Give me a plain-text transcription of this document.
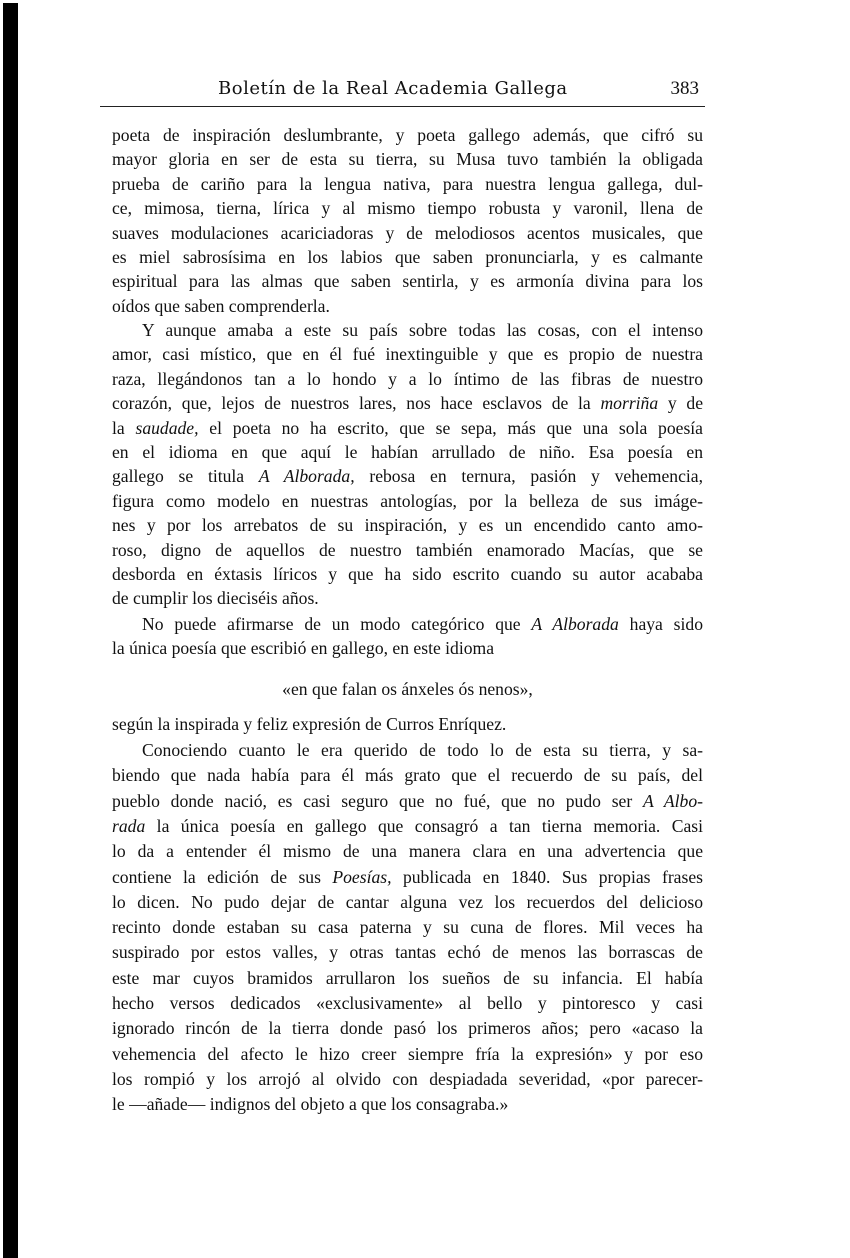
Boletín de la Real Academia Gallega	383
poeta de inspiración deslumbrante, y poeta gallego además, que cifró su
mayor gloria en ser de esta su tierra, su Musa tuvo también la obligada
prueba de cariño para la lengua nativa, para nuestra lengua gallega, dul-
ce, mimosa, tierna, lírica y al mismo tiempo robusta y varonil, llena de
suaves modulaciones acariciadoras y de melodiosos acentos musicales, que
es miel sabrosísima en los labios que saben pronunciarla, y es calmante
espiritual para las almas que saben sentirla, y es armonía divina para los
oídos que saben comprenderla.
Y aunque amaba a este su país sobre todas las cosas, con el intenso
amor, casi místico, que en él fué inextinguible y que es propio de nuestra
raza, llegándonos tan a lo hondo y a lo íntimo de las fibras de nuestro
corazón, que, lejos de nuestros lares, nos hace esclavos de la morriña y de
la saudade, el poeta no ha escrito, que se sepa, más que una sola poesía
en el idioma en que aquí le habían arrullado de niño. Esa poesía en
gallego se titula A Alborada, rebosa en ternura, pasión y vehemencia,
figura como modelo en nuestras antologías, por la belleza de sus imáge-
nes y por los arrebatos de su inspiración, y es un encendido canto amo-
roso, digno de aquellos de nuestro también enamorado Macías, que se
desborda en éxtasis líricos y que ha sido escrito cuando su autor acababa
de cumplir los dieciséis años.
No puede afirmarse de un modo categórico que A Alborada haya sido
la única poesía que escribió en gallego, en este idioma
«en que falan os ánxeles ós nenos»,
según la inspirada y feliz expresión de Curros Enríquez.
Conociendo cuanto le era querido de todo lo de esta su tierra, y sa-
biendo que nada había para él más grato que el recuerdo de su país, del
pueblo donde nació, es casi seguro que no fué, que no pudo ser A Albo-
rada la única poesía en gallego que consagró a tan tierna memoria. Casi
lo da a entender él mismo de una manera clara en una advertencia que
contiene la edición de sus Poesías, publicada en 1840. Sus propias frases
lo dicen. No pudo dejar de cantar alguna vez los recuerdos del delicioso
recinto donde estaban su casa paterna y su cuna de flores. Mil veces ha
suspirado por estos valles, y otras tantas echó de menos las borrascas de
este mar cuyos bramidos arrullaron los sueños de su infancia. El había
hecho versos dedicados «exclusivamente» al bello y pintoresco y casi
ignorado rincón de la tierra donde pasó los primeros años; pero «acaso la
vehemencia del afecto le hizo creer siempre fría la expresión» y por eso
los rompió y los arrojó al olvido con despiadada severidad, «por parecer-
le —añade— indignos del objeto a que los consagraba.»
